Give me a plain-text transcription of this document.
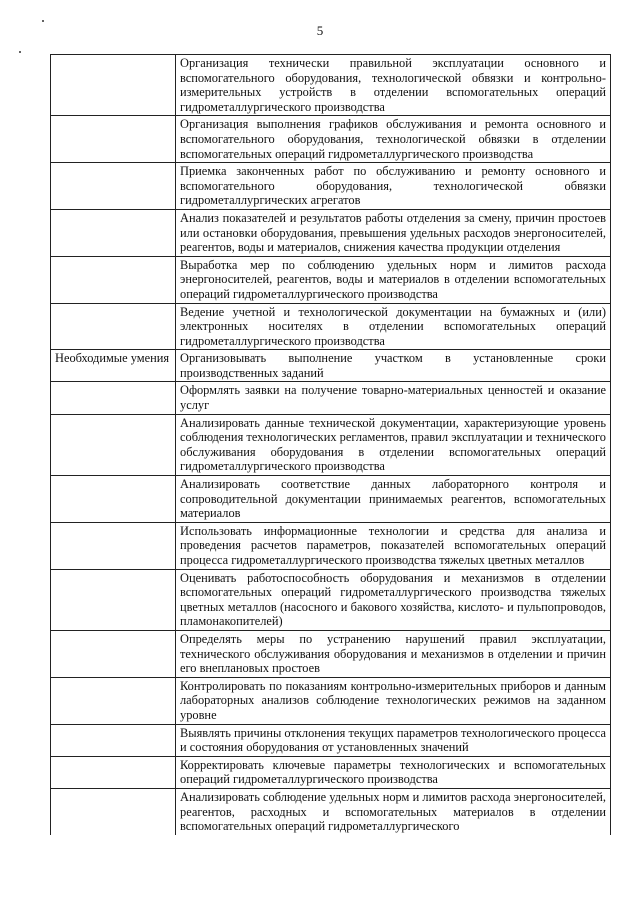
5
	Организация технически правильной эксплуатации основного и вспомогательного оборудования, технологической обвязки и контрольно-измерительных устройств в отделении вспомогательных операций гидрометаллургического производства
	Организация выполнения графиков обслуживания и ремонта основного и вспомогательного оборудования, технологической обвязки в отделении вспомогательных операций гидрометаллургического производства
	Приемка законченных работ по обслуживанию и ремонту основного и вспомогательного оборудования, технологической обвязки гидрометаллургических агрегатов
	Анализ показателей и результатов работы отделения за смену, причин простоев или остановки оборудования, превышения удельных расходов энергоносителей, реагентов, воды и материалов, снижения качества продукции отделения
	Выработка мер по соблюдению удельных норм и лимитов расхода энергоносителей, реагентов, воды и материалов в отделении вспомогательных операций гидрометаллургического производства
	Ведение учетной и технологической документации на бумажных и (или) электронных носителях в отделении вспомогательных операций гидрометаллургического производства
Необходимые умения	Организовывать выполнение участком в установленные сроки производственных заданий
	Оформлять заявки на получение товарно-материальных ценностей и оказание услуг
	Анализировать данные технической документации, характеризующие уровень соблюдения технологических регламентов, правил эксплуатации и технического обслуживания оборудования в отделении вспомогательных операций гидрометаллургического производства
	Анализировать соответствие данных лабораторного контроля и сопроводительной документации принимаемых реагентов, вспомогательных материалов
	Использовать информационные технологии и средства для анализа и проведения расчетов параметров, показателей вспомогательных операций процесса гидрометаллургического производства тяжелых цветных металлов
	Оценивать работоспособность оборудования и механизмов в отделении вспомогательных операций гидрометаллургического производства тяжелых цветных металлов (насосного и бакового хозяйства, кислото- и пульпопроводов, пламонакопителей)
	Определять меры по устранению нарушений правил эксплуатации, технического обслуживания оборудования и механизмов в отделении и причин его внеплановых простоев
	Контролировать по показаниям контрольно-измерительных приборов и данным лабораторных анализов соблюдение технологических режимов на заданном уровне
	Выявлять причины отклонения текущих параметров технологического процесса и состояния оборудования от установленных значений
	Корректировать ключевые параметры технологических и вспомогательных операций гидрометаллургического производства
	Анализировать соблюдение удельных норм и лимитов расхода энергоносителей, реагентов, расходных и вспомогательных материалов в отделении вспомогательных операций гидрометаллургического
